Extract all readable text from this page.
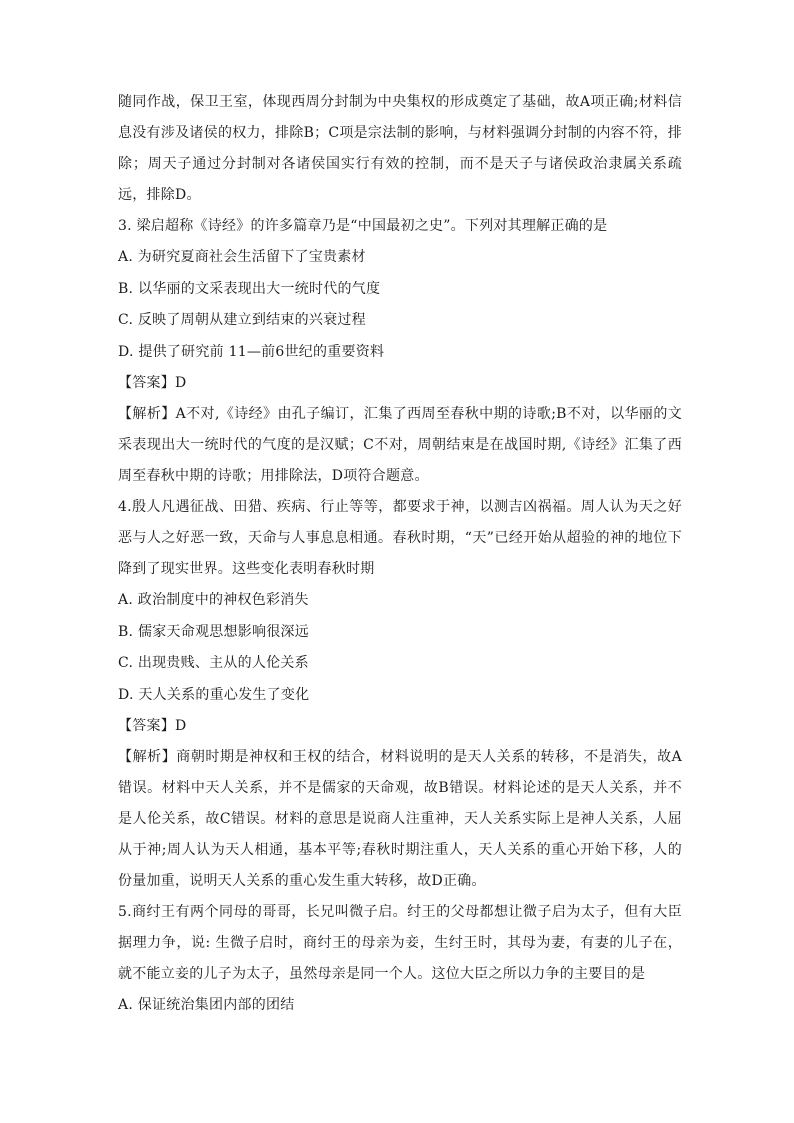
随同作战，保卫王室，体现西周分封制为中央集权的形成奠定了基础，故A项正确;材料信息没有涉及诸侯的权力，排除B；C项是宗法制的影响，与材料强调分封制的内容不符，排除；周天子通过分封制对各诸侯国实行有效的控制，而不是天子与诸侯政治隶属关系疏远，排除D。
3. 梁启超称《诗经》的许多篇章乃是“中国最初之史”。下列对其理解正确的是
A. 为研究夏商社会生活留下了宝贵素材
B. 以华丽的文采表现出大一统时代的气度
C. 反映了周朝从建立到结束的兴衰过程
D. 提供了研究前 11—前6世纪的重要资料
【答案】D
【解析】A不对,《诗经》由孔子编订，汇集了西周至春秋中期的诗歌;B不对，以华丽的文采表现出大一统时代的气度的是汉赋；C不对，周朝结束是在战国时期,《诗经》汇集了西周至春秋中期的诗歌；用排除法，D项符合题意。
4.殷人凡遇征战、田猎、疾病、行止等等，都要求于神，以测吉凶祸福。周人认为天之好恶与人之好恶一致，天命与人事息息相通。春秋时期，“天”已经开始从超验的神的地位下降到了现实世界。这些变化表明春秋时期
A. 政治制度中的神权色彩消失
B. 儒家天命观思想影响很深远
C. 出现贵贱、主从的人伦关系
D. 天人关系的重心发生了变化
【答案】D
【解析】商朝时期是神权和王权的结合，材料说明的是天人关系的转移，不是消失，故A错误。材料中天人关系，并不是儒家的天命观，故B错误。材料论述的是天人关系，并不是人伦关系，故C错误。材料的意思是说商人注重神，天人关系实际上是神人关系，人屈从于神;周人认为天人相通，基本平等;春秋时期注重人，天人关系的重心开始下移，人的份量加重，说明天人关系的重心发生重大转移，故D正确。
5.商纣王有两个同母的哥哥，长兄叫微子启。纣王的父母都想让微子启为太子，但有大臣据理力争，说: 生微子启时，商纣王的母亲为妾，生纣王时，其母为妻，有妻的儿子在，就不能立妾的儿子为太子，虽然母亲是同一个人。这位大臣之所以力争的主要目的是
A. 保证统治集团内部的团结
